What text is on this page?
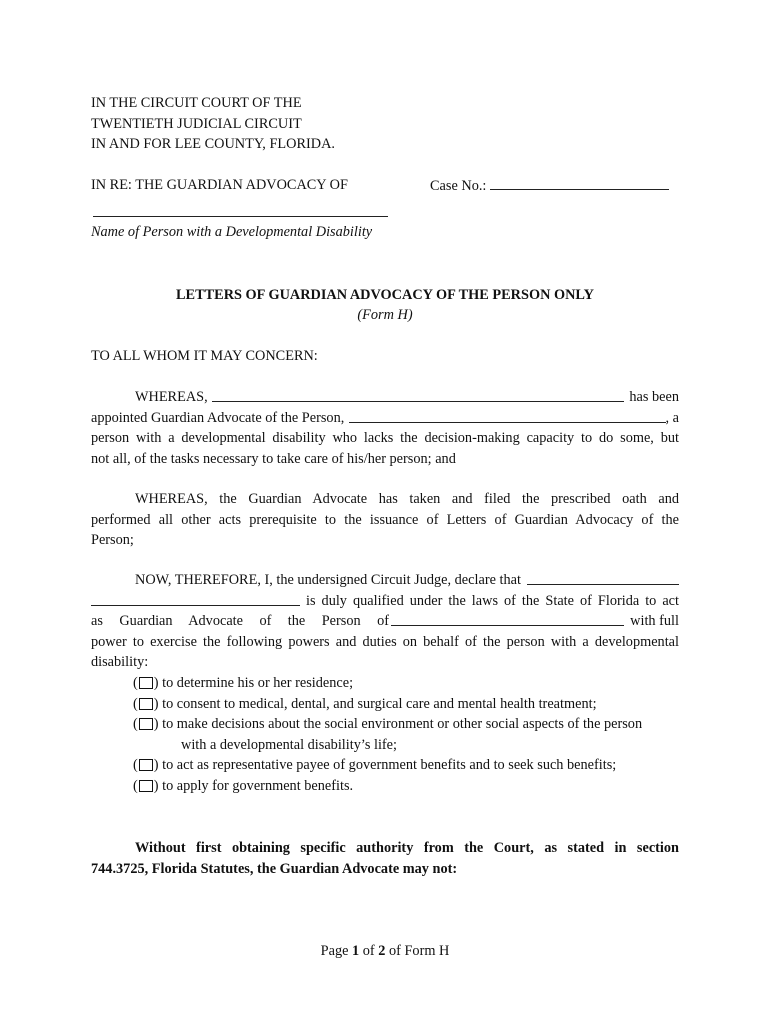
IN THE CIRCUIT COURT OF THE
TWENTIETH JUDICIAL CIRCUIT
IN AND FOR LEE COUNTY, FLORIDA.
IN RE: THE GUARDIAN ADVOCACY OF	Case No.:
Name of Person with a Developmental Disability
LETTERS OF GUARDIAN ADVOCACY OF THE PERSON ONLY
(Form H)
TO ALL WHOM IT MAY CONCERN:
WHEREAS,	has been
appointed Guardian Advocate of the Person,	, a
person with a developmental disability who lacks the decision-making capacity to do some, but
not all, of the tasks necessary to take care of his/her person; and
WHEREAS, the Guardian Advocate has taken and filed the prescribed oath and
performed all other acts prerequisite to the issuance of Letters of Guardian Advocacy of the
Person;
NOW, THEREFORE, I, the undersigned Circuit Judge, declare that
is duly qualified under the laws of the State of Florida to act
as Guardian Advocate of the Person of	with full
power to exercise the following powers and duties on behalf of the person with a developmental
disability:
( ) to determine his or her residence;
( ) to consent to medical, dental, and surgical care and mental health treatment;
( ) to make decisions about the social environment or other social aspects of the person
with a developmental disability’s life;
( ) to act as representative payee of government benefits and to seek such benefits;
( ) to apply for government benefits.
Without first obtaining specific authority from the Court, as stated in section
744.3725, Florida Statutes, the Guardian Advocate may not:
Page 1 of 2 of Form H
